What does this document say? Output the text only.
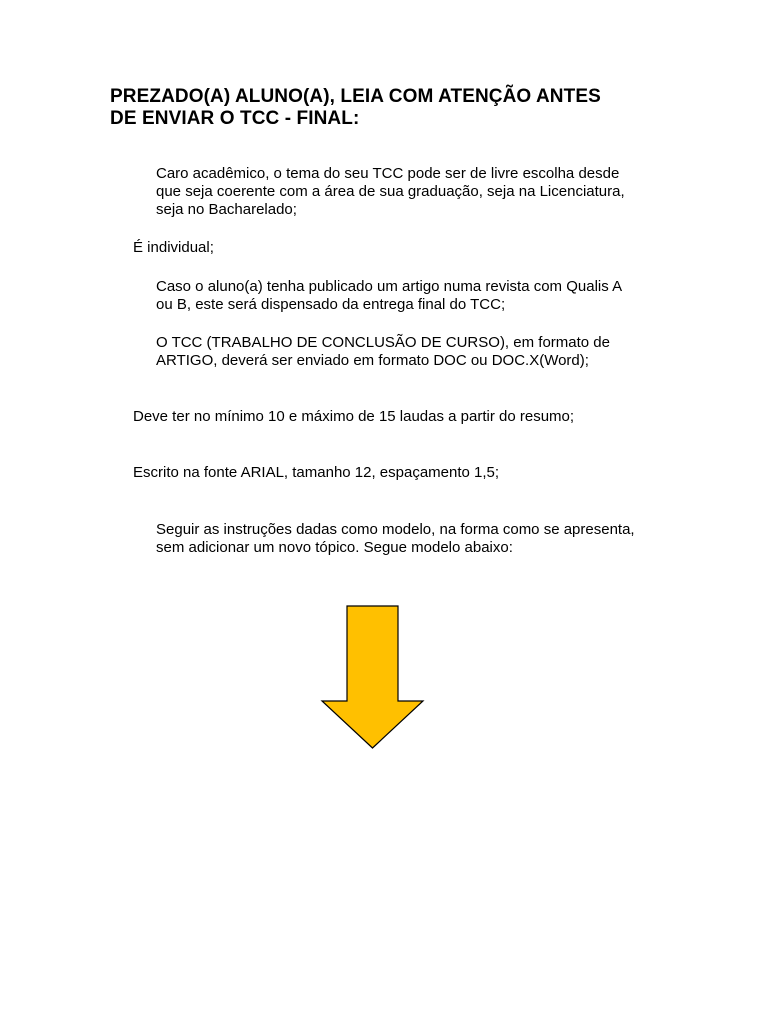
PREZADO(A) ALUNO(A), LEIA COM ATENÇÃO ANTES
DE ENVIAR O TCC - FINAL:

Caro acadêmico, o tema do seu TCC pode ser de livre escolha desde
que seja coerente com a área de sua graduação, seja na Licenciatura,
seja no Bacharelado;

É individual;

Caso o aluno(a) tenha publicado um artigo numa revista com Qualis A
ou B, este será dispensado da entrega final do TCC;

O TCC (TRABALHO DE CONCLUSÃO DE CURSO), em formato de
ARTIGO, deverá ser enviado em formato DOC ou DOC.X(Word);

Deve ter no mínimo 10 e máximo de 15 laudas a partir do resumo;

Escrito na fonte ARIAL, tamanho 12, espaçamento 1,5;

Seguir as instruções dadas como modelo, na forma como se apresenta,
sem adicionar um novo tópico. Segue modelo abaixo:
